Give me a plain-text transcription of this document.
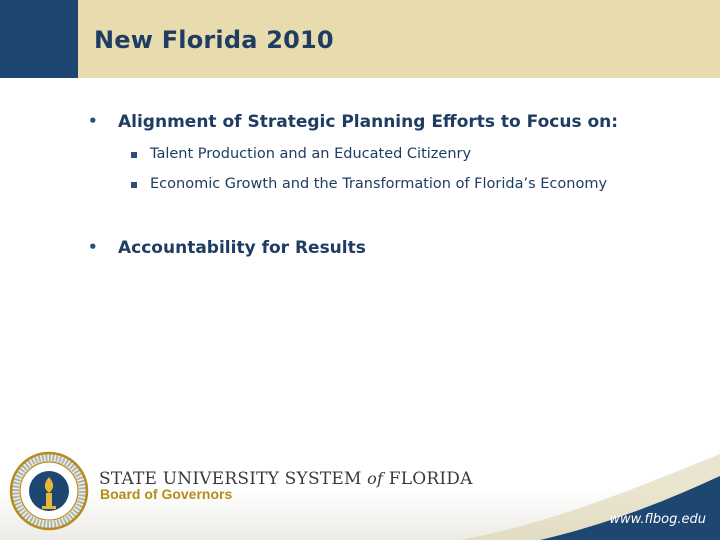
New Florida 2010
• Alignment of Strategic Planning Efforts to Focus on:
Talent Production and an Educated Citizenry
Economic Growth and the Transformation of Florida’s Economy
• Accountability for Results
STATE UNIVERSITY SYSTEM of FLORIDA
Board of Governors
www.flbog.edu
